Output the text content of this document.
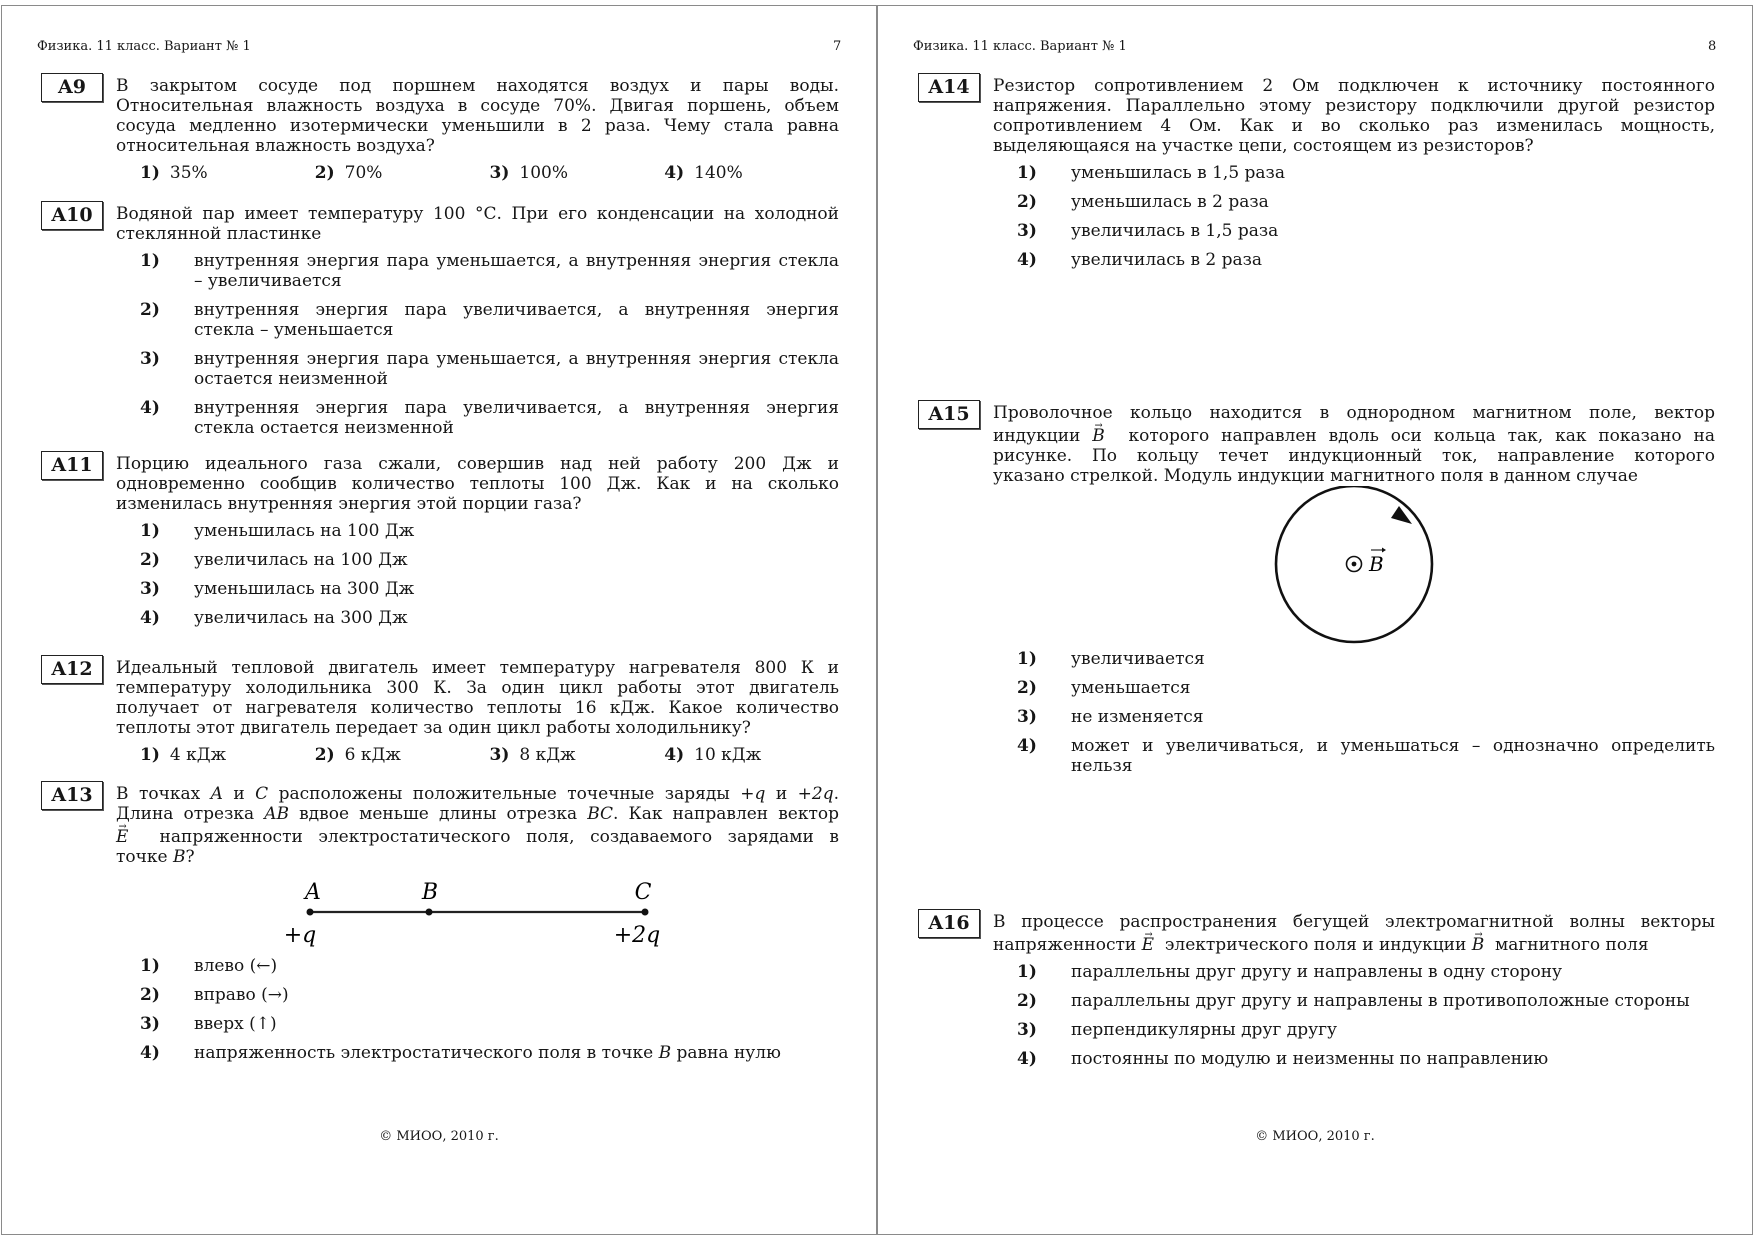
Физика. 11 класс. Вариант № 1	7
A9	В закрытом сосуде под поршнем находятся воздух и пары воды.
Относительная влажность воздуха в сосуде 70%. Двигая поршень, объем
сосуда медленно изотермически уменьшили в 2 раза. Чему стала равна
относительная влажность воздуха?
1) 35%	2) 70%	3) 100%	4) 140%
A10	Водяной пар имеет температуру 100 °С. При его конденсации на холодной
стеклянной пластинке
1) внутренняя энергия пара уменьшается, а внутренняя энергия стекла
– увеличивается
2) внутренняя энергия пара увеличивается, а внутренняя энергия
стекла – уменьшается
3) внутренняя энергия пара уменьшается, а внутренняя энергия стекла
остается неизменной
4) внутренняя энергия пара увеличивается, а внутренняя энергия
стекла остается неизменной
A11	Порцию идеального газа сжали, совершив над ней работу 200 Дж и
одновременно сообщив количество теплоты 100 Дж. Как и на сколько
изменилась внутренняя энергия этой порции газа?
1) уменьшилась на 100 Дж
2) увеличилась на 100 Дж
3) уменьшилась на 300 Дж
4) увеличилась на 300 Дж
A12	Идеальный тепловой двигатель имеет температуру нагревателя 800 К и
температуру холодильника 300 К. За один цикл работы этот двигатель
получает от нагревателя количество теплоты 16 кДж. Какое количество
теплоты этот двигатель передает за один цикл работы холодильнику?
1) 4 кДж	2) 6 кДж	3) 8 кДж	4) 10 кДж
A13	В точках A и C расположены положительные точечные заряды +q и +2q.
Длина отрезка AB вдвое меньше длины отрезка BC. Как направлен вектор
E →  напряженности электростатического поля, создаваемого зарядами в
точке B?
A	B	C
+q	+2q
1) влево (←)
2) вправо (→)
3) вверх (↑)
4) напряженность электростатического поля в точке B равна нулю
© МИОО, 2010 г.
Физика. 11 класс. Вариант № 1	8
A14	Резистор сопротивлением 2 Ом подключен к источнику постоянного
напряжения. Параллельно этому резистору подключили другой резистор
сопротивлением 4 Ом. Как и во сколько раз изменилась мощность,
выделяющаяся на участке цепи, состоящем из резисторов?
1) уменьшилась в 1,5 раза
2) уменьшилась в 2 раза
3) увеличилась в 1,5 раза
4) увеличилась в 2 раза
A15	Проволочное кольцо находится в однородном магнитном поле, вектор
индукции B →  которого направлен вдоль оси кольца так, как показано на
рисунке. По кольцу течет индукционный ток, направление которого
указано стрелкой. Модуль индукции магнитного поля в данном случае
B
1) увеличивается
2) уменьшается
3) не изменяется
4) может и увеличиваться, и уменьшаться – однозначно определить
нельзя
A16	В процессе распространения бегущей электромагнитной волны векторы
напряженности E →  электрического поля и индукции B →  магнитного поля
1) параллельны друг другу и направлены в одну сторону
2) параллельны друг другу и направлены в противоположные стороны
3) перпендикулярны друг другу
4) постоянны по модулю и неизменны по направлению
© МИОО, 2010 г.
